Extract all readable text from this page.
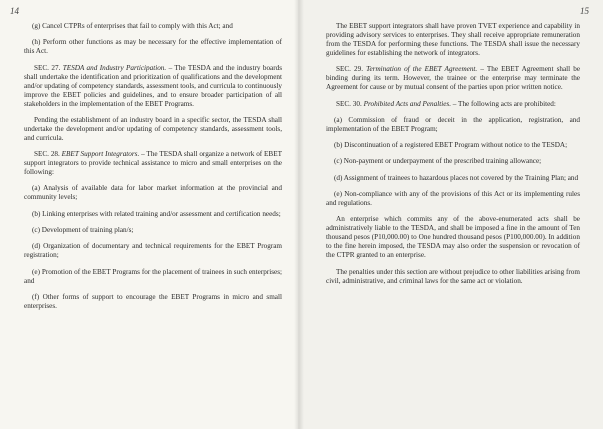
14

(g) Cancel CTPRs of enterprises that fail to comply with this Act; and

(h) Perform other functions as may be necessary for the effective implementation of this Act.

SEC. 27. TESDA and Industry Participation. – The TESDA and the industry boards shall undertake the identification and prioritization of qualifications and the development and/or updating of competency standards, assessment tools, and curricula to continuously improve the EBET policies and guidelines, and to ensure broader participation of all stakeholders in the implementation of the EBET Programs.

Pending the establishment of an industry board in a specific sector, the TESDA shall undertake the development and/or updating of competency standards, assessment tools, and curricula.

SEC. 28. EBET Support Integrators. – The TESDA shall organize a network of EBET support integrators to provide technical assistance to micro and small enterprises on the following:

(a) Analysis of available data for labor market information at the provincial and community levels;

(b) Linking enterprises with related training and/or assessment and certification needs;

(c) Development of training plan/s;

(d) Organization of documentary and technical requirements for the EBET Program registration;

(e) Promotion of the EBET Programs for the placement of trainees in such enterprises; and

(f) Other forms of support to encourage the EBET Programs in micro and small enterprises.

15

The EBET support integrators shall have proven TVET experience and capability in providing advisory services to enterprises. They shall receive appropriate remuneration from the TESDA for performing these functions. The TESDA shall issue the necessary guidelines for establishing the network of integrators.

SEC. 29. Termination of the EBET Agreement. – The EBET Agreement shall be binding during its term. However, the trainee or the enterprise may terminate the Agreement for cause or by mutual consent of the parties upon prior written notice.

SEC. 30. Prohibited Acts and Penalties. – The following acts are prohibited:

(a) Commission of fraud or deceit in the application, registration, and implementation of the EBET Program;

(b) Discontinuation of a registered EBET Program without notice to the TESDA;

(c) Non-payment or underpayment of the prescribed training allowance;

(d) Assignment of trainees to hazardous places not covered by the Training Plan; and

(e) Non-compliance with any of the provisions of this Act or its implementing rules and regulations.

An enterprise which commits any of the above-enumerated acts shall be administratively liable to the TESDA, and shall be imposed a fine in the amount of Ten thousand pesos (P10,000.00) to One hundred thousand pesos (P100,000.00). In addition to the fine herein imposed, the TESDA may also order the suspension or revocation of the CTPR granted to an enterprise.

The penalties under this section are without prejudice to other liabilities arising from civil, administrative, and criminal laws for the same act or violation.
